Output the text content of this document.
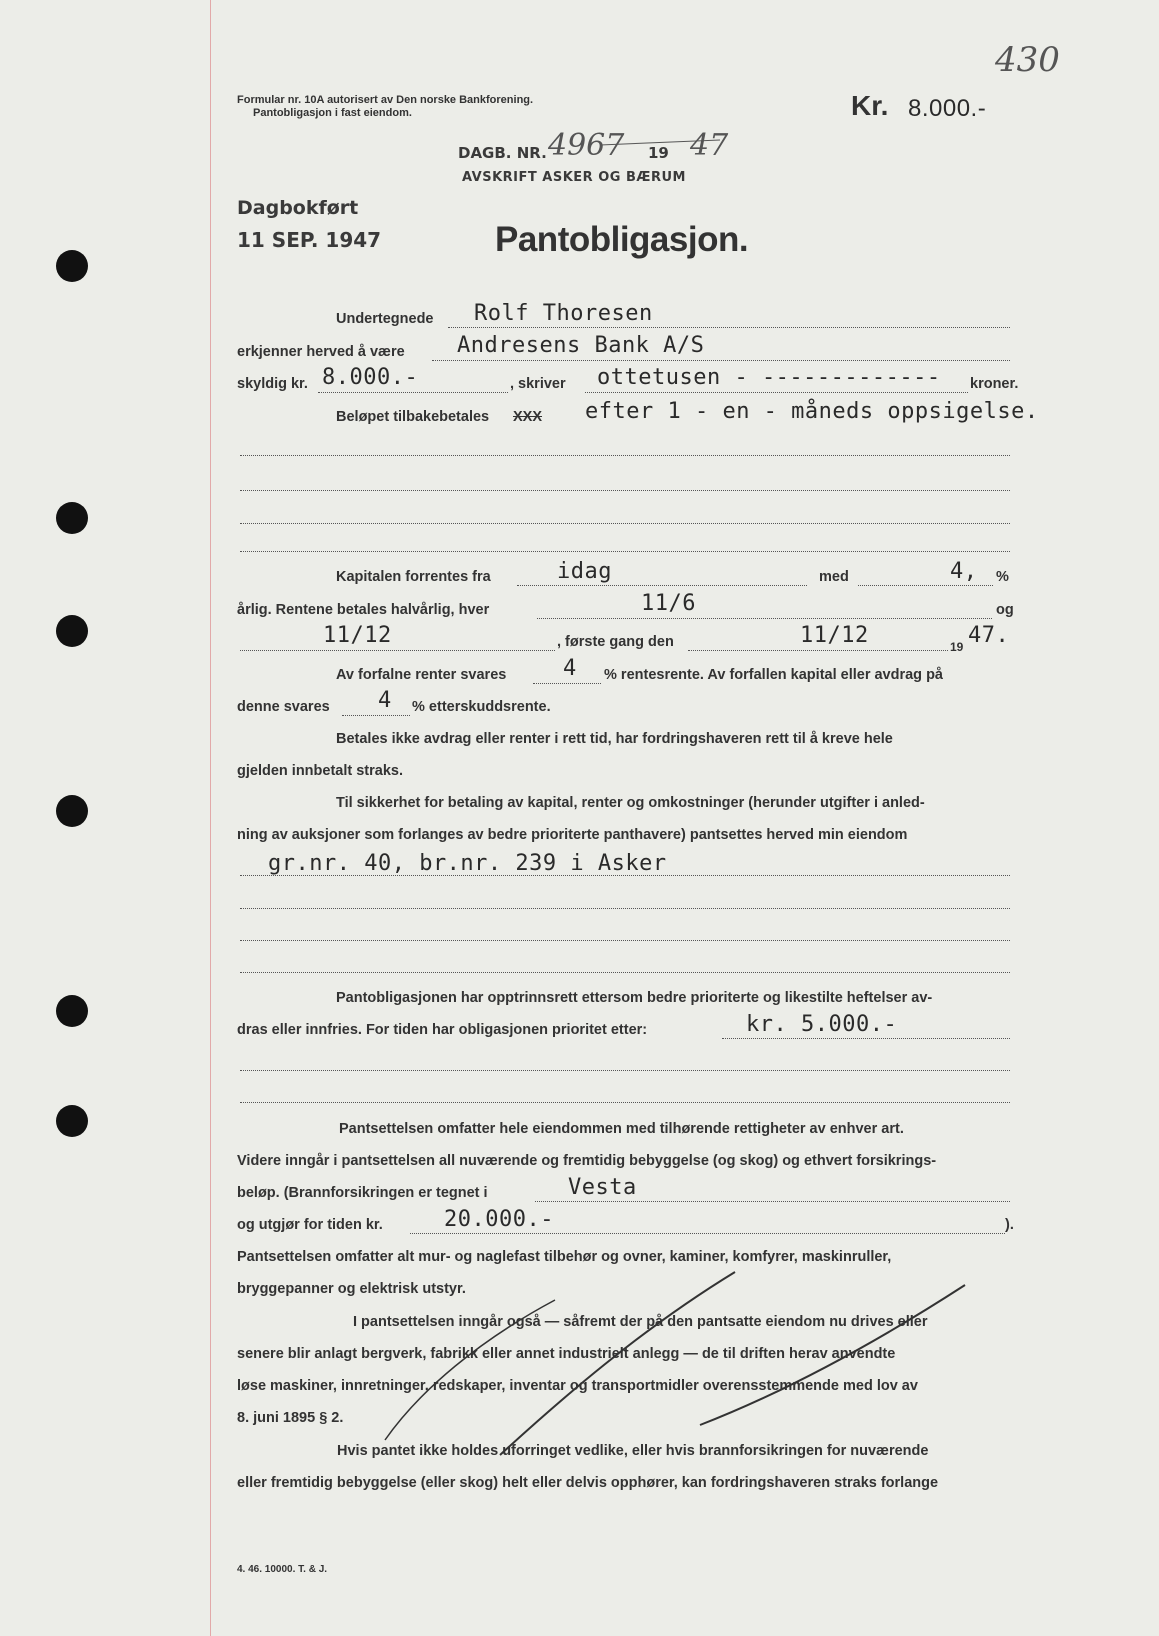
430
Formular nr. 10A autorisert av Den norske Bankforening.
Pantobligasjon i fast eiendom.	Kr. 8.000.-
DAGB. NR. 4967 19 47
AVSKRIFT ASKER OG BÆRUM
Dagbokført
11 SEP. 1947	Pantobligasjon.
Undertegnede Rolf Thoresen
erkjenner herved å være Andresens Bank A/S
skyldig kr. 8.000.-	, skriver ottetusen - ------------- kroner.
Beløpet tilbakebetales XXX efter 1 - en - måneds oppsigelse.
Kapitalen forrentes fra	idag	med	4, %
årlig. Rentene betales halvårlig, hver	11/6	og
11/12	, første gang den	11/12	19 47.
Av forfalne renter svares	4 % rentesrente. Av forfallen kapital eller avdrag på
denne svares 4 % etterskuddsrente.
Betales ikke avdrag eller renter i rett tid, har fordringshaveren rett til å kreve hele
gjelden innbetalt straks.
Til sikkerhet for betaling av kapital, renter og omkostninger (herunder utgifter i anled-
ning av auksjoner som forlanges av bedre prioriterte panthavere) pantsettes herved min eiendom
gr.nr. 40, br.nr. 239 i Asker
Pantobligasjonen har opptrinnsrett ettersom bedre prioriterte og likestilte heftelser av-
dras eller innfries. For tiden har obligasjonen prioritet etter:	kr. 5.000.-
Pantsettelsen omfatter hele eiendommen med tilhørende rettigheter av enhver art.
Videre inngår i pantsettelsen all nuværende og fremtidig bebyggelse (og skog) og ethvert forsikrings-
beløp. (Brannforsikringen er tegnet i	Vesta
og utgjør for tiden kr.	20.000.-	).
Pantsettelsen omfatter alt mur- og naglefast tilbehør og ovner, kaminer, komfyrer, maskinruller,
bryggepanner og elektrisk utstyr.
I pantsettelsen inngår også — såfremt der på den pantsatte eiendom nu drives eller
senere blir anlagt bergverk, fabrikk eller annet industrielt anlegg — de til driften herav anvendte
løse maskiner, innretninger, redskaper, inventar og transportmidler overensstemmende med lov av
8. juni 1895 § 2.
Hvis pantet ikke holdes uforringet vedlike, eller hvis brannforsikringen for nuværende
eller fremtidig bebyggelse (eller skog) helt eller delvis opphører, kan fordringshaveren straks forlange
4. 46. 10000. T. & J.
